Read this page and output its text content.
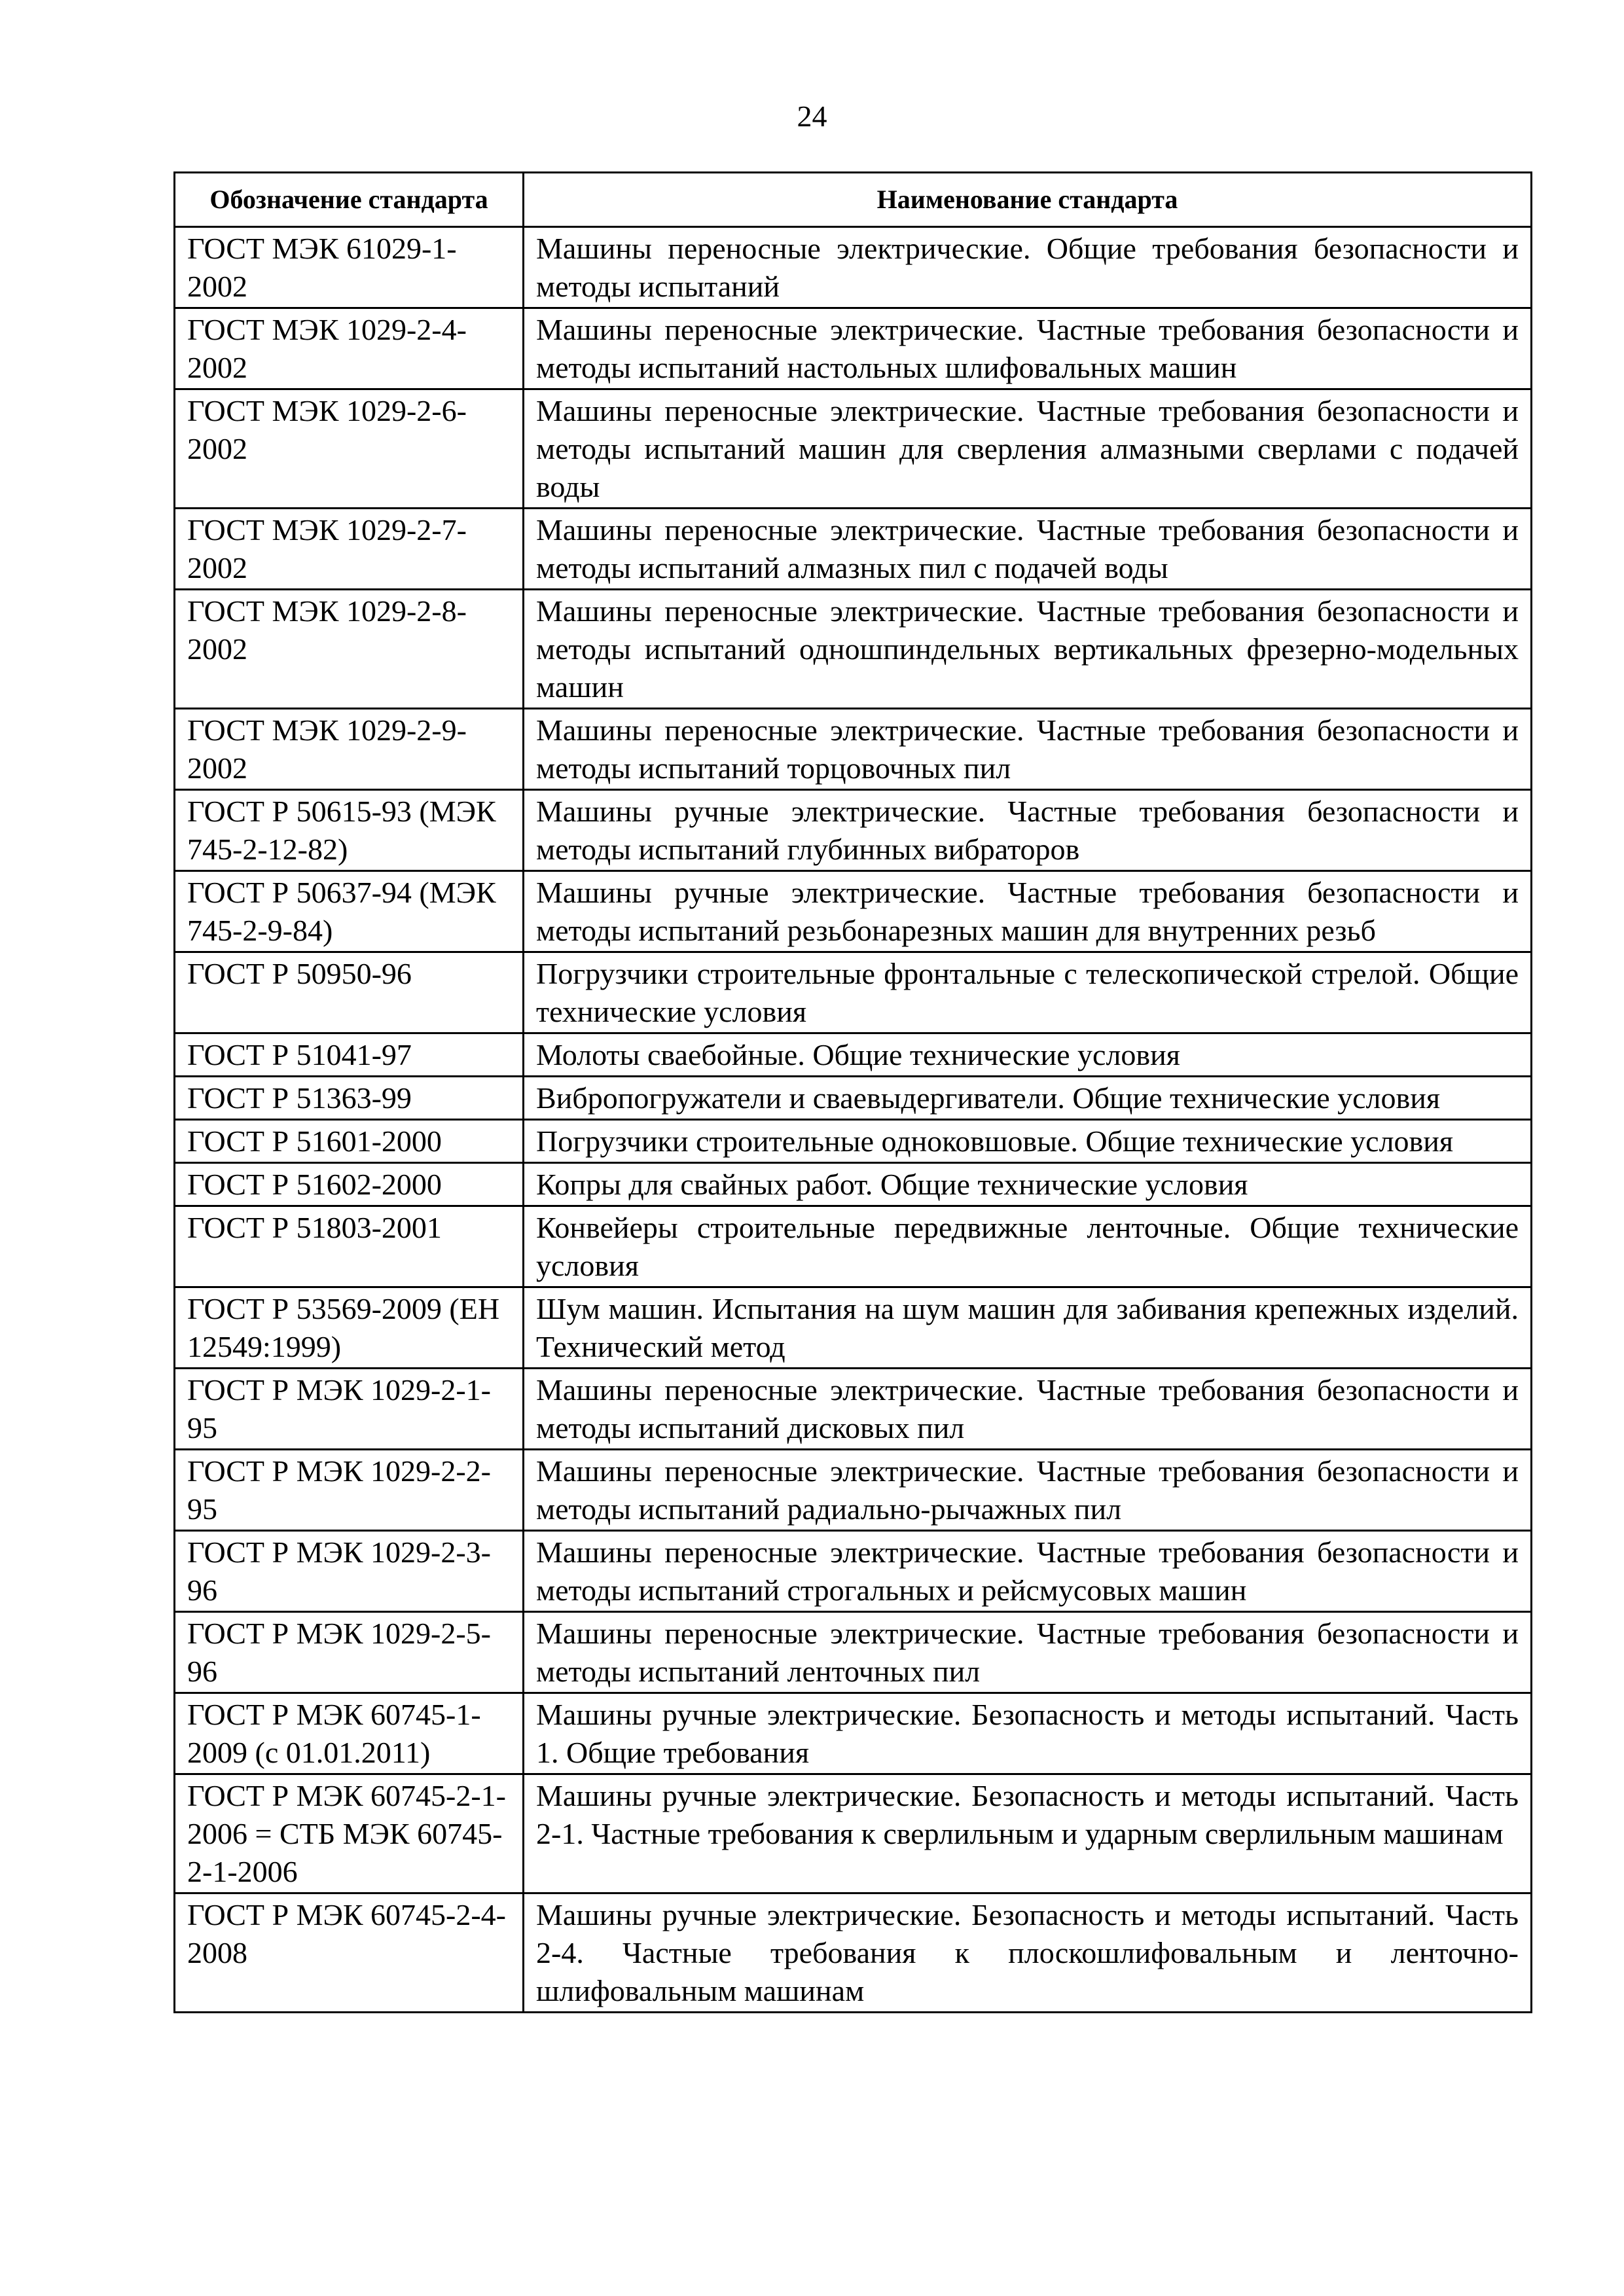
24
Обозначение стандарта	Наименование стандарта
ГОСТ МЭК 61029-1-2002	Машины переносные электрические. Общие требования безопасности и методы испытаний
ГОСТ МЭК 1029-2-4-2002	Машины переносные электрические. Частные требования безопасности и методы испытаний настольных шлифовальных машин
ГОСТ МЭК 1029-2-6-2002	Машины переносные электрические. Частные требования безопасности и методы испытаний машин для сверления алмазными сверлами с подачей воды
ГОСТ МЭК 1029-2-7-2002	Машины переносные электрические. Частные требования безопасности и методы испытаний алмазных пил с подачей воды
ГОСТ МЭК 1029-2-8-2002	Машины переносные электрические. Частные требования безопасности и методы испытаний одношпиндельных вертикальных фрезерно-модельных машин
ГОСТ МЭК 1029-2-9-2002	Машины переносные электрические. Частные требования безопасности и методы испытаний торцовочных пил
ГОСТ Р 50615-93 (МЭК 745-2-12-82)	Машины ручные электрические. Частные требования безопасности и методы испытаний глубинных вибраторов
ГОСТ Р 50637-94 (МЭК 745-2-9-84)	Машины ручные электрические. Частные требования безопасности и методы испытаний резьбонарезных машин для внутренних резьб
ГОСТ Р 50950-96	Погрузчики строительные фронтальные с телескопической стрелой. Общие технические условия
ГОСТ Р 51041-97	Молоты сваебойные. Общие технические условия
ГОСТ Р 51363-99	Вибропогружатели и сваевыдергиватели. Общие технические условия
ГОСТ Р 51601-2000	Погрузчики строительные одноковшовые. Общие технические условия
ГОСТ Р 51602-2000	Копры для свайных работ. Общие технические условия
ГОСТ Р 51803-2001	Конвейеры строительные передвижные ленточные. Общие технические условия
ГОСТ Р 53569-2009 (ЕН 12549:1999)	Шум машин. Испытания на шум машин для забивания крепежных изделий. Технический метод
ГОСТ Р МЭК 1029-2-1-95	Машины переносные электрические. Частные требования безопасности и методы испытаний дисковых пил
ГОСТ Р МЭК 1029-2-2-95	Машины переносные электрические. Частные требования безопасности и методы испытаний радиально-рычажных пил
ГОСТ Р МЭК 1029-2-3-96	Машины переносные электрические. Частные требования безопасности и методы испытаний строгальных и рейсмусовых машин
ГОСТ Р МЭК 1029-2-5-96	Машины переносные электрические. Частные требования безопасности и методы испытаний ленточных пил
ГОСТ Р МЭК 60745-1-2009 (с 01.01.2011)	Машины ручные электрические. Безопасность и методы испытаний. Часть 1. Общие требования
ГОСТ Р МЭК 60745-2-1-2006 = СТБ МЭК 60745-2-1-2006	Машины ручные электрические. Безопасность и методы испытаний. Часть 2-1. Частные требования к сверлильным и ударным сверлильным машинам
ГОСТ Р МЭК 60745-2-4-2008	Машины ручные электрические. Безопасность и методы испытаний. Часть 2-4. Частные требования к плоскошлифовальным и ленточно-шлифовальным машинам
